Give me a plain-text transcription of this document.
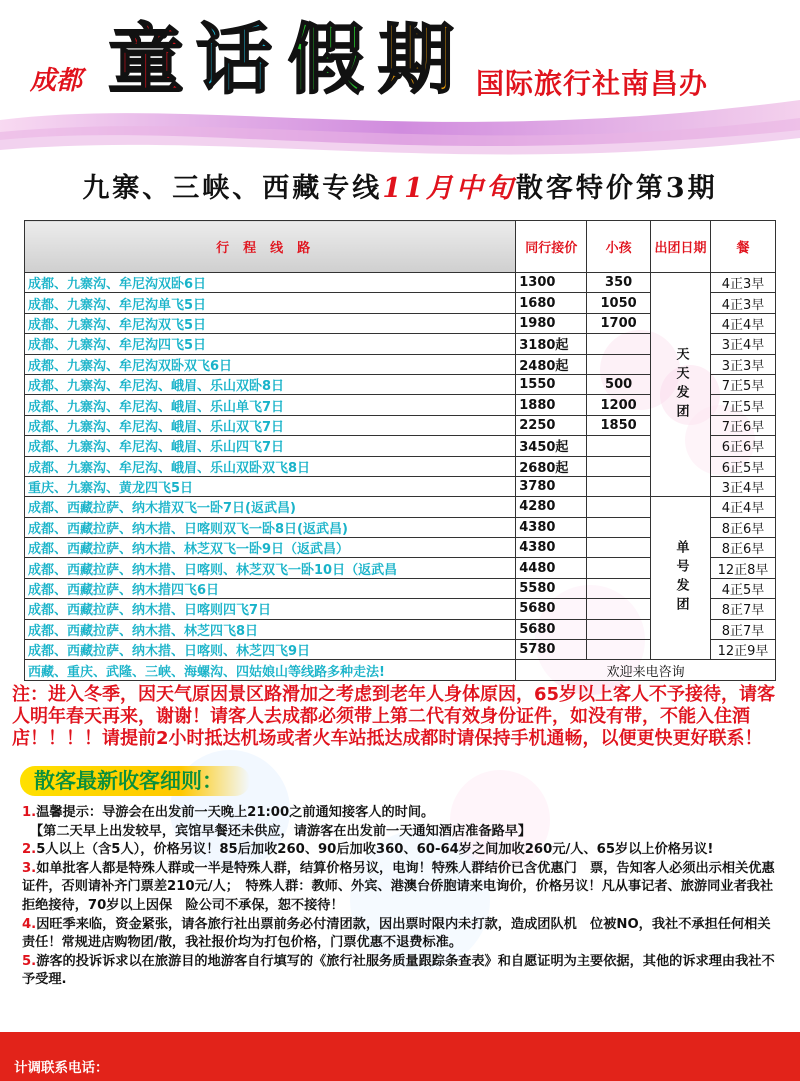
成都 童 话 假 期 国际旅行社南昌办
九寨、三峡、西藏专线11月中旬散客特价第3期
行程线路	同行接价	小孩	出团日期	餐
成都、九寨沟、牟尼沟双卧6日	1300	350	天天发团	4正3早
成都、九寨沟、牟尼沟单飞5日	1680	1050		4正3早
成都、九寨沟、牟尼沟双飞5日	1980	1700		4正4早
成都、九寨沟、牟尼沟四飞5日	3180起			3正4早
成都、九寨沟、牟尼沟双卧双飞6日	2480起			3正3早
成都、九寨沟、牟尼沟、峨眉、乐山双卧8日	1550	500		7正5早
成都、九寨沟、牟尼沟、峨眉、乐山单飞7日	1880	1200		7正5早
成都、九寨沟、牟尼沟、峨眉、乐山双飞7日	2250	1850		7正6早
成都、九寨沟、牟尼沟、峨眉、乐山四飞7日	3450起			6正6早
成都、九寨沟、牟尼沟、峨眉、乐山双卧双飞8日	2680起			6正5早
重庆、九寨沟、黄龙四飞5日	3780			3正4早
成都、西藏拉萨、纳木措双飞一卧7日(返武昌)	4280		单号发团	4正4早
成都、西藏拉萨、纳木措、日喀则双飞一卧8日(返武昌)	4380			8正6早
成都、西藏拉萨、纳木措、林芝双飞一卧9日（返武昌）	4380			8正6早
成都、西藏拉萨、纳木措、日喀则、林芝双飞一卧10日（返武昌	4480			12正8早
成都、西藏拉萨、纳木措四飞6日	5580			4正5早
成都、西藏拉萨、纳木措、日喀则四飞7日	5680			8正7早
成都、西藏拉萨、纳木措、林芝四飞8日	5680			8正7早
成都、西藏拉萨、纳木措、日喀则、林芝四飞9日	5780			12正9早
西藏、重庆、武隆、三峡、海螺沟、四姑娘山等线路多种走法!	欢迎来电咨询			
注：进入冬季，因天气原因景区路滑加之考虑到老年人身体原因，65岁以上客人不予接待，请客人明年春天再来，谢谢！请客人去成都必须带上第二代有效身份证件，如没有带，不能入住酒店！！！！请提前2小时抵达机场或者火车站抵达成都时请保持手机通畅，以便更快更好联系！
散客最新收客细则：
1.温馨提示：导游会在出发前一天晚上21:00之前通知接客人的时间。
【第二天早上出发较早，宾馆早餐还未供应，请游客在出发前一天通知酒店准备路早】
2.5人以上（含5人），价格另议！85后加收260、90后加收360、60-64岁之间加收260元/人、65岁以上价格另议!
3.如单批客人都是特殊人群或一半是特殊人群，结算价格另议，电询！特殊人群结价已含优惠门　票，告知客人必须出示相关优惠证件，否则请补齐门票差210元/人；　特殊人群：教师、外宾、港澳台侨胞请来电询价，价格另议！凡从事记者、旅游同业者我社拒绝接待，70岁以上因保　险公司不承保，恕不接待！
4.因旺季来临，资金紧张，请各旅行社出票前务必付清团款，因出票时限内未打款，造成团队机　位被NO，我社不承担任何相关责任！常规进店购物团/散，我社报价均为打包价格，门票优惠不退费标准。
5.游客的投诉诉求以在旅游目的地游客自行填写的《旅行社服务质量跟踪条查表》和自愿证明为主要依据，其他的诉求理由我社不予受理.

计调联系电话：
